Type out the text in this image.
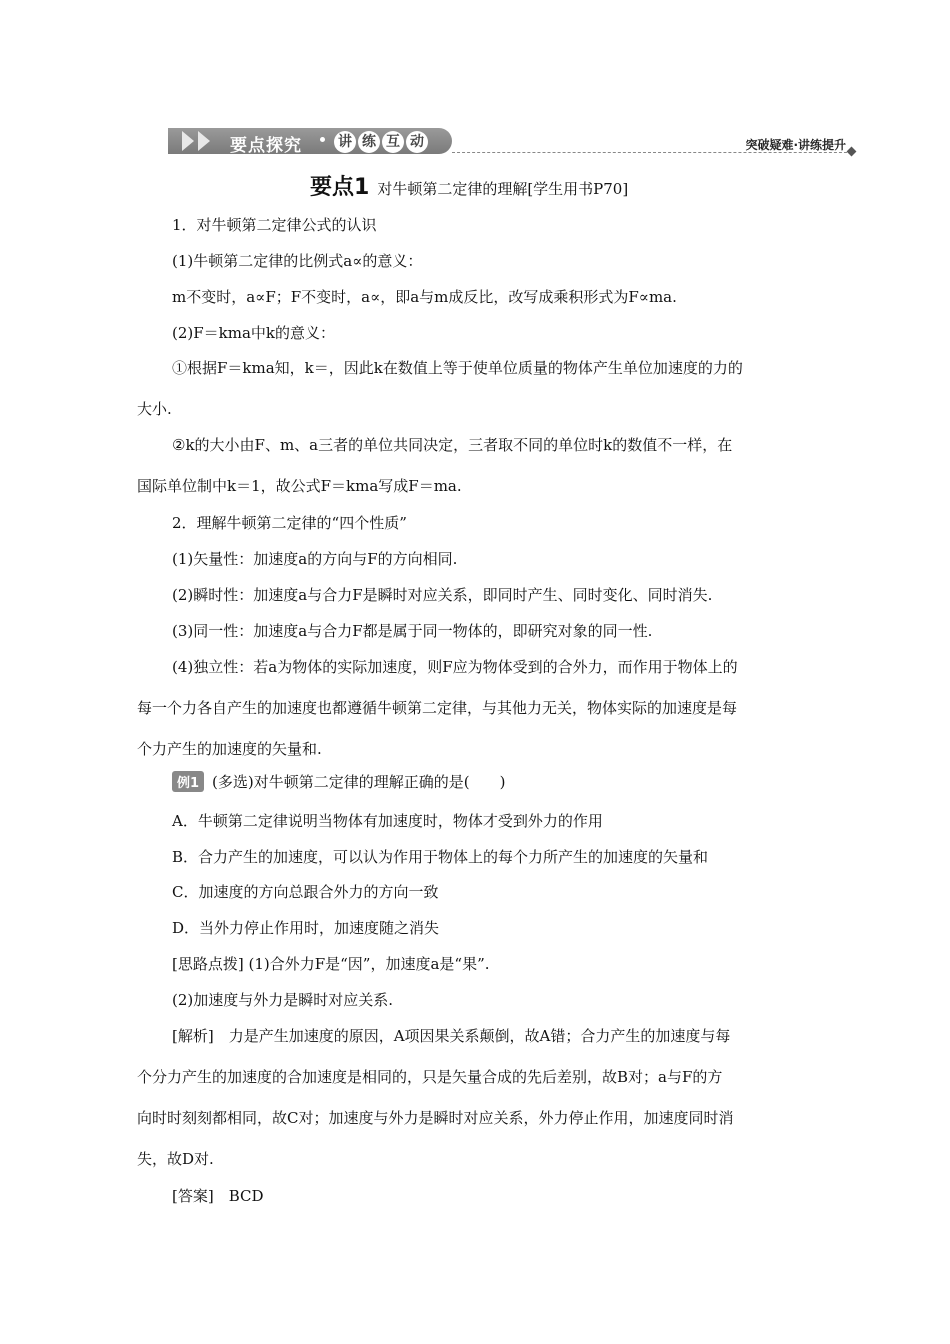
要点探究	讲 练 互 动	突破疑难·讲练提升
要点1 对牛顿第二定律的理解[学生用书P70]
1．对牛顿第二定律公式的认识
(1)牛顿第二定律的比例式a∝的意义：
m不变时，a∝F；F不变时，a∝，即a与m成反比，改写成乘积形式为F∝ma.
(2)F＝kma中k的意义：
①根据F＝kma知，k＝，因此k在数值上等于使单位质量的物体产生单位加速度的力的
大小.
②k的大小由F、m、a三者的单位共同决定，三者取不同的单位时k的数值不一样，在
国际单位制中k＝1，故公式F＝kma写成F＝ma.
2．理解牛顿第二定律的“四个性质”
(1)矢量性：加速度a的方向与F的方向相同.
(2)瞬时性：加速度a与合力F是瞬时对应关系，即同时产生、同时变化、同时消失.
(3)同一性：加速度a与合力F都是属于同一物体的，即研究对象的同一性.
(4)独立性：若a为物体的实际加速度，则F应为物体受到的合外力，而作用于物体上的
每一个力各自产生的加速度也都遵循牛顿第二定律，与其他力无关，物体实际的加速度是每
个力产生的加速度的矢量和.
例1 (多选)对牛顿第二定律的理解正确的是(　　)
A．牛顿第二定律说明当物体有加速度时，物体才受到外力的作用
B．合力产生的加速度，可以认为作用于物体上的每个力所产生的加速度的矢量和
C．加速度的方向总跟合外力的方向一致
D．当外力停止作用时，加速度随之消失
[思路点拨] (1)合外力F是“因”，加速度a是“果”.
(2)加速度与外力是瞬时对应关系.
[解析]　力是产生加速度的原因，A项因果关系颠倒，故A错；合力产生的加速度与每
个分力产生的加速度的合加速度是相同的，只是矢量合成的先后差别，故B对；a与F的方
向时时刻刻都相同，故C对；加速度与外力是瞬时对应关系，外力停止作用，加速度同时消
失，故D对.
[答案]　BCD
